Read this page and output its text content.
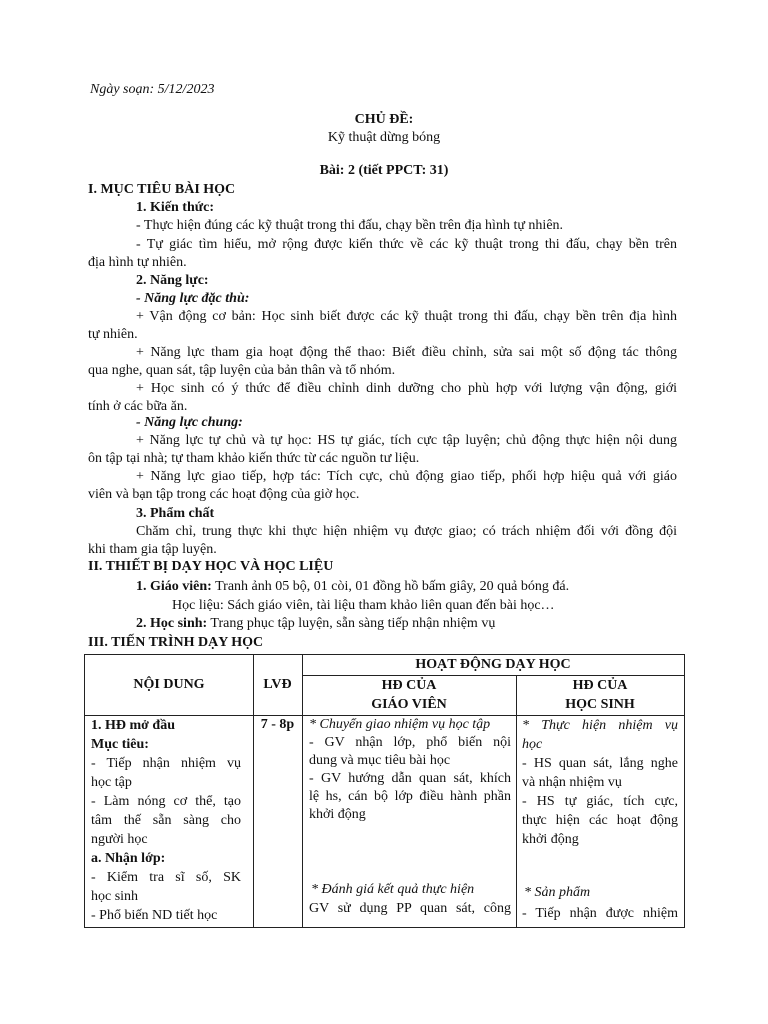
Ngày soạn: 5/12/2023
CHỦ ĐỀ:
Kỹ thuật dừng bóng
Bài: 2 (tiết PPCT: 31)
I. MỤC TIÊU BÀI HỌC
1. Kiến thức:
- Thực hiện đúng các kỹ thuật trong thi đấu, chạy bền trên địa hình tự nhiên.
- Tự giác tìm hiểu, mở rộng được kiến thức về các kỹ thuật trong thi đấu, chạy bền trên
địa hình tự nhiên.
2. Năng lực:
- Năng lực đặc thù:
+ Vận động cơ bản: Học sinh biết được các kỹ thuật trong thi đấu, chạy bền trên địa hình
tự nhiên.
+ Năng lực tham gia hoạt động thể thao: Biết điều chỉnh, sửa sai một số động tác thông
qua nghe, quan sát, tập luyện của bản thân và tổ nhóm.
+ Học sinh có ý thức để điều chỉnh dinh dưỡng cho phù hợp với lượng vận động, giới
tính ở các bữa ăn.
- Năng lực chung:
+ Năng lực tự chủ và tự học: HS tự giác, tích cực tập luyện; chủ động thực hiện nội dung
ôn tập tại nhà; tự tham khảo kiến thức từ các nguồn tư liệu.
+ Năng lực giao tiếp, hợp tác: Tích cực, chủ động giao tiếp, phối hợp hiệu quả với giáo
viên và bạn tập trong các hoạt động của giờ học.
3. Phẩm chất
Chăm chỉ, trung thực khi thực hiện nhiệm vụ được giao; có trách nhiệm đối với đồng đội
khi tham gia tập luyện.
II. THIẾT BỊ DẠY HỌC VÀ HỌC LIỆU
1. Giáo viên: Tranh ảnh 05 bộ, 01 còi, 01 đồng hồ bấm giây, 20 quả bóng đá.
Học liệu: Sách giáo viên, tài liệu tham khảo liên quan đến bài học…
2. Học sinh: Trang phục tập luyện, sẵn sàng tiếp nhận nhiệm vụ
III. TIẾN TRÌNH DẠY HỌC
NỘI DUNG	LVĐ
HOẠT ĐỘNG DẠY HỌC
HĐ CỦA
GIÁO VIÊN
HĐ CỦA
HỌC SINH
1. HĐ mở đầu
Mục tiêu:
- Tiếp nhận nhiệm vụ
học tập
- Làm nóng cơ thể, tạo
tâm thế sẵn sàng cho
người học
a. Nhận lớp:
- Kiểm tra sĩ số, SK
học sinh
- Phổ biến ND tiết học
7 - 8p	* Chuyển giao nhiệm vụ học tập
- GV nhận lớp, phổ biến nội
dung và mục tiêu bài học
- GV hướng dẫn quan sát, khích
lệ hs, cán bộ lớp điều hành phần
khởi động
* Đánh giá kết quả thực hiện
GV sử dụng PP quan sát, công
* Thực hiện nhiệm vụ
học
- HS quan sát, lắng nghe
và nhận nhiệm vụ
- HS tự giác, tích cực,
thực hiện các hoạt động
khởi động
* Sản phẩm
- Tiếp nhận được nhiệm
